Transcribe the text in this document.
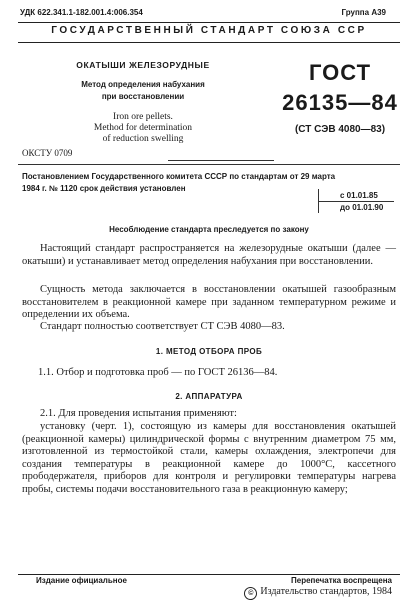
УДК 622.341.1-182.001.4:006.354	Группа А39
ГОСУДАРСТВЕННЫЙ СТАНДАРТ СОЮЗА ССР
ОКАТЫШИ ЖЕЛЕЗОРУДНЫЕ
Метод определения набухания
при восстановлении
Iron ore pellets.
Method for determination
of reduction swelling
ОКСТУ 0709
ГОСТ
26135—84
(СТ СЭВ 4080—83)
Постановлением Государственного комитета СССР по стандартам от 29 марта
1984 г. № 1120 срок действия установлен
с 01.01.85
до 01.01.90
Несоблюдение стандарта преследуется по закону
Настоящий стандарт распространяется на железорудные окатыши (далее — окатыши) и устанавливает метод определения набухания при восстановлении.
Сущность метода заключается в восстановлении окатышей газообразным восстановителем в реакционной камере при заданном температурном режиме и определении их объема.
Стандарт полностью соответствует СТ СЭВ 4080—83.
1. МЕТОД ОТБОРА ПРОБ
1.1. Отбор и подготовка проб — по ГОСТ 26136—84.
2. АППАРАТУРА
2.1. Для проведения испытания применяют:
установку (черт. 1), состоящую из камеры для восстановления окатышей (реакционной камеры) цилиндрической формы с внутренним диаметром 75 мм, изготовленной из термостойкой стали, камеры охлаждения, электропечи для создания температуры в реакционной камере до 1000°С, кассетного прободержателя, приборов для контроля и регулировки температуры нагрева пробы, системы подачи восстановительного газа в реакционную камеру;
Издание официальное	Перепечатка воспрещена
© Издательство стандартов, 1984
